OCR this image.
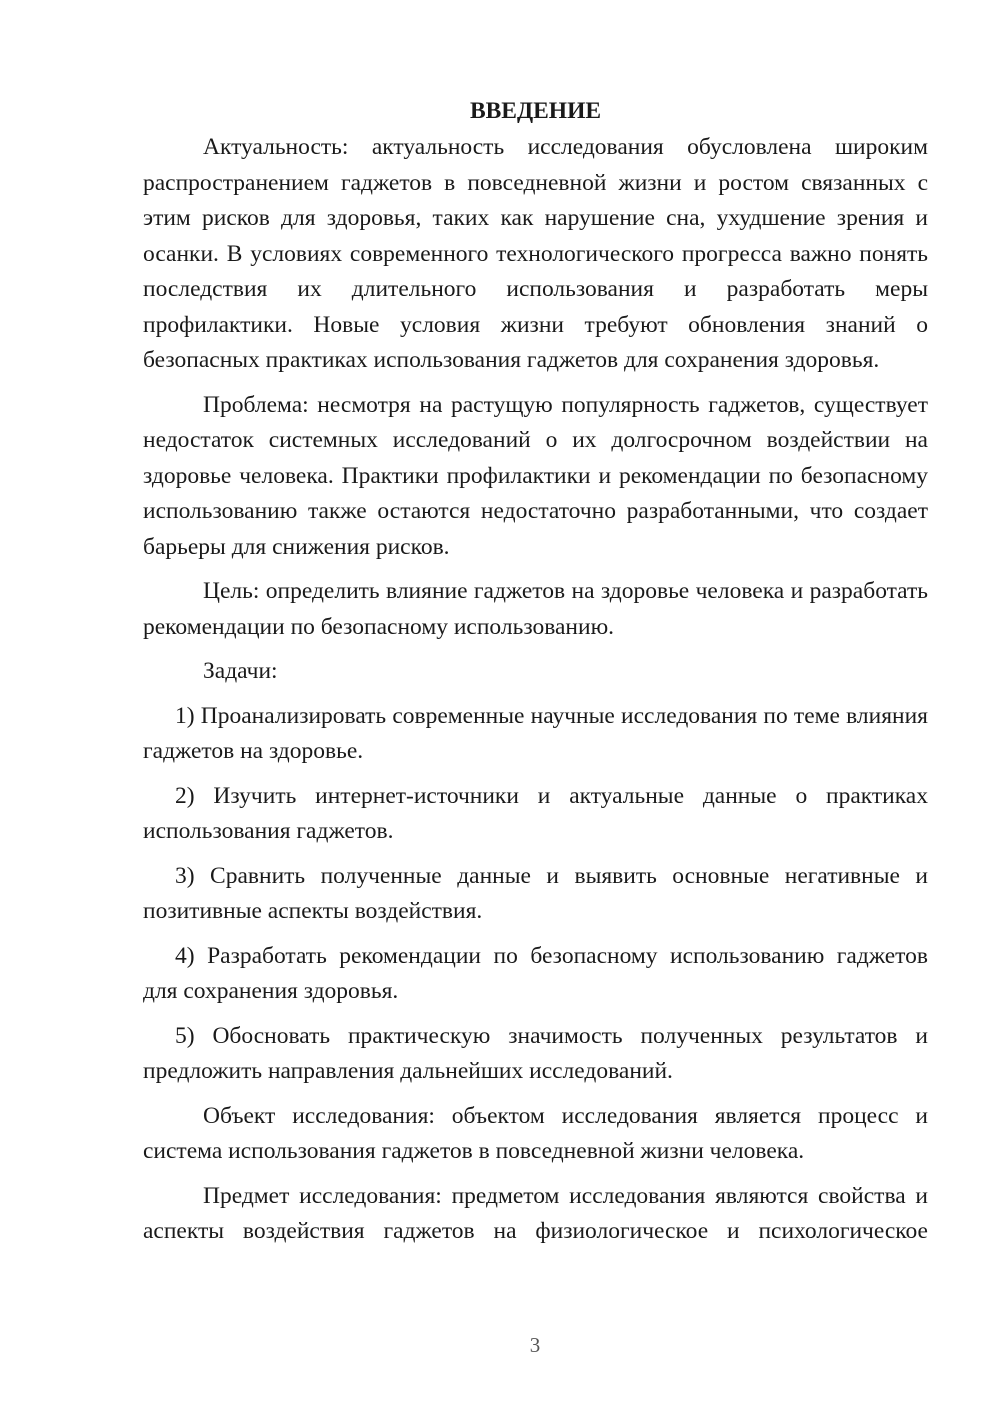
ВВЕДЕНИЕ

Актуальность: актуальность исследования обусловлена широким распространением гаджетов в повседневной жизни и ростом связанных с этим рисков для здоровья, таких как нарушение сна, ухудшение зрения и осанки. В условиях современного технологического прогресса важно понять последствия их длительного использования и разработать меры профилактики. Новые условия жизни требуют обновления знаний о безопасных практиках использования гаджетов для сохранения здоровья.

Проблема: несмотря на растущую популярность гаджетов, существует недостаток системных исследований о их долгосрочном воздействии на здоровье человека. Практики профилактики и рекомендации по безопасному использованию также остаются недостаточно разработанными, что создает барьеры для снижения рисков.

Цель: определить влияние гаджетов на здоровье человека и разработать рекомендации по безопасному использованию.

Задачи:

1) Проанализировать современные научные исследования по теме влияния гаджетов на здоровье.

2) Изучить интернет-источники и актуальные данные о практиках использования гаджетов.

3) Сравнить полученные данные и выявить основные негативные и позитивные аспекты воздействия.

4) Разработать рекомендации по безопасному использованию гаджетов для сохранения здоровья.

5) Обосновать практическую значимость полученных результатов и предложить направления дальнейших исследований.

Объект исследования: объектом исследования является процесс и система использования гаджетов в повседневной жизни человека.

Предмет исследования: предметом исследования являются свойства и аспекты воздействия гаджетов на физиологическое и психологическое

3
